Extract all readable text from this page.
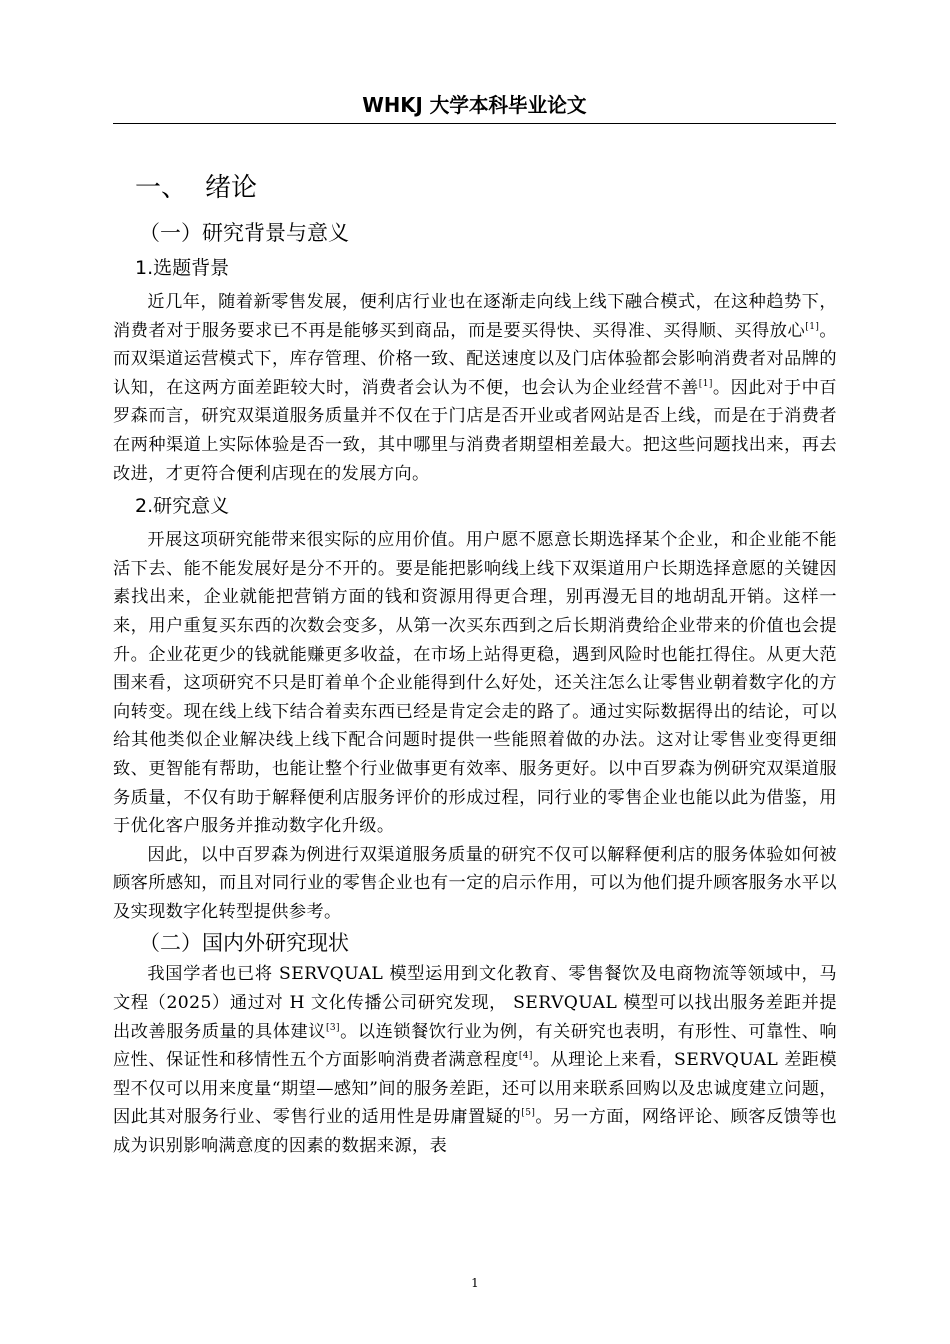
WHKJ 大学本科毕业论文
一、 绪论
（一）研究背景与意义
1.选题背景

近几年，随着新零售发展，便利店行业也在逐渐走向线上线下融合模式，在这种趋势下，消费者对于服务要求已不再是能够买到商品，而是要买得快、买得准、买得顺、买得放心[1]。而双渠道运营模式下，库存管理、价格一致、配送速度以及门店体验都会影响消费者对品牌的认知，在这两方面差距较大时，消费者会认为不便，也会认为企业经营不善[1]。因此对于中百罗森而言，研究双渠道服务质量并不仅在于门店是否开业或者网站是否上线，而是在于消费者在两种渠道上实际体验是否一致，其中哪里与消费者期望相差最大。把这些问题找出来，再去改进，才更符合便利店现在的发展方向。

2.研究意义

开展这项研究能带来很实际的应用价值。用户愿不愿意长期选择某个企业，和企业能不能活下去、能不能发展好是分不开的。要是能把影响线上线下双渠道用户长期选择意愿的关键因素找出来，企业就能把营销方面的钱和资源用得更合理，别再漫无目的地胡乱开销。这样一来，用户重复买东西的次数会变多，从第一次买东西到之后长期消费给企业带来的价值也会提升。企业花更少的钱就能赚更多收益，在市场上站得更稳，遇到风险时也能扛得住。从更大范围来看，这项研究不只是盯着单个企业能得到什么好处，还关注怎么让零售业朝着数字化的方向转变。现在线上线下结合着卖东西已经是肯定会走的路了。通过实际数据得出的结论，可以给其他类似企业解决线上线下配合问题时提供一些能照着做的办法。这对让零售业变得更细致、更智能有帮助，也能让整个行业做事更有效率、服务更好。以中百罗森为例研究双渠道服务质量，不仅有助于解释便利店服务评价的形成过程，同行业的零售企业也能以此为借鉴，用于优化客户服务并推动数字化升级。

因此，以中百罗森为例进行双渠道服务质量的研究不仅可以解释便利店的服务体验如何被顾客所感知，而且对同行业的零售企业也有一定的启示作用，可以为他们提升顾客服务水平以及实现数字化转型提供参考。

（二）国内外研究现状

我国学者也已将 SERVQUAL 模型运用到文化教育、零售餐饮及电商物流等领域中，马文程（2025）通过对 H 文化传播公司研究发现， SERVQUAL 模型可以找出服务差距并提出改善服务质量的具体建议[3]。以连锁餐饮行业为例，有关研究也表明，有形性、可靠性、响应性、保证性和移情性五个方面影响消费者满意程度[4]。从理论上来看，SERVQUAL 差距模型不仅可以用来度量“期望—感知”间的服务差距，还可以用来联系回购以及忠诚度建立问题，因此其对服务行业、零售行业的适用性是毋庸置疑的[5]。另一方面，网络评论、顾客反馈等也成为识别影响满意度的因素的数据来源，表

1
